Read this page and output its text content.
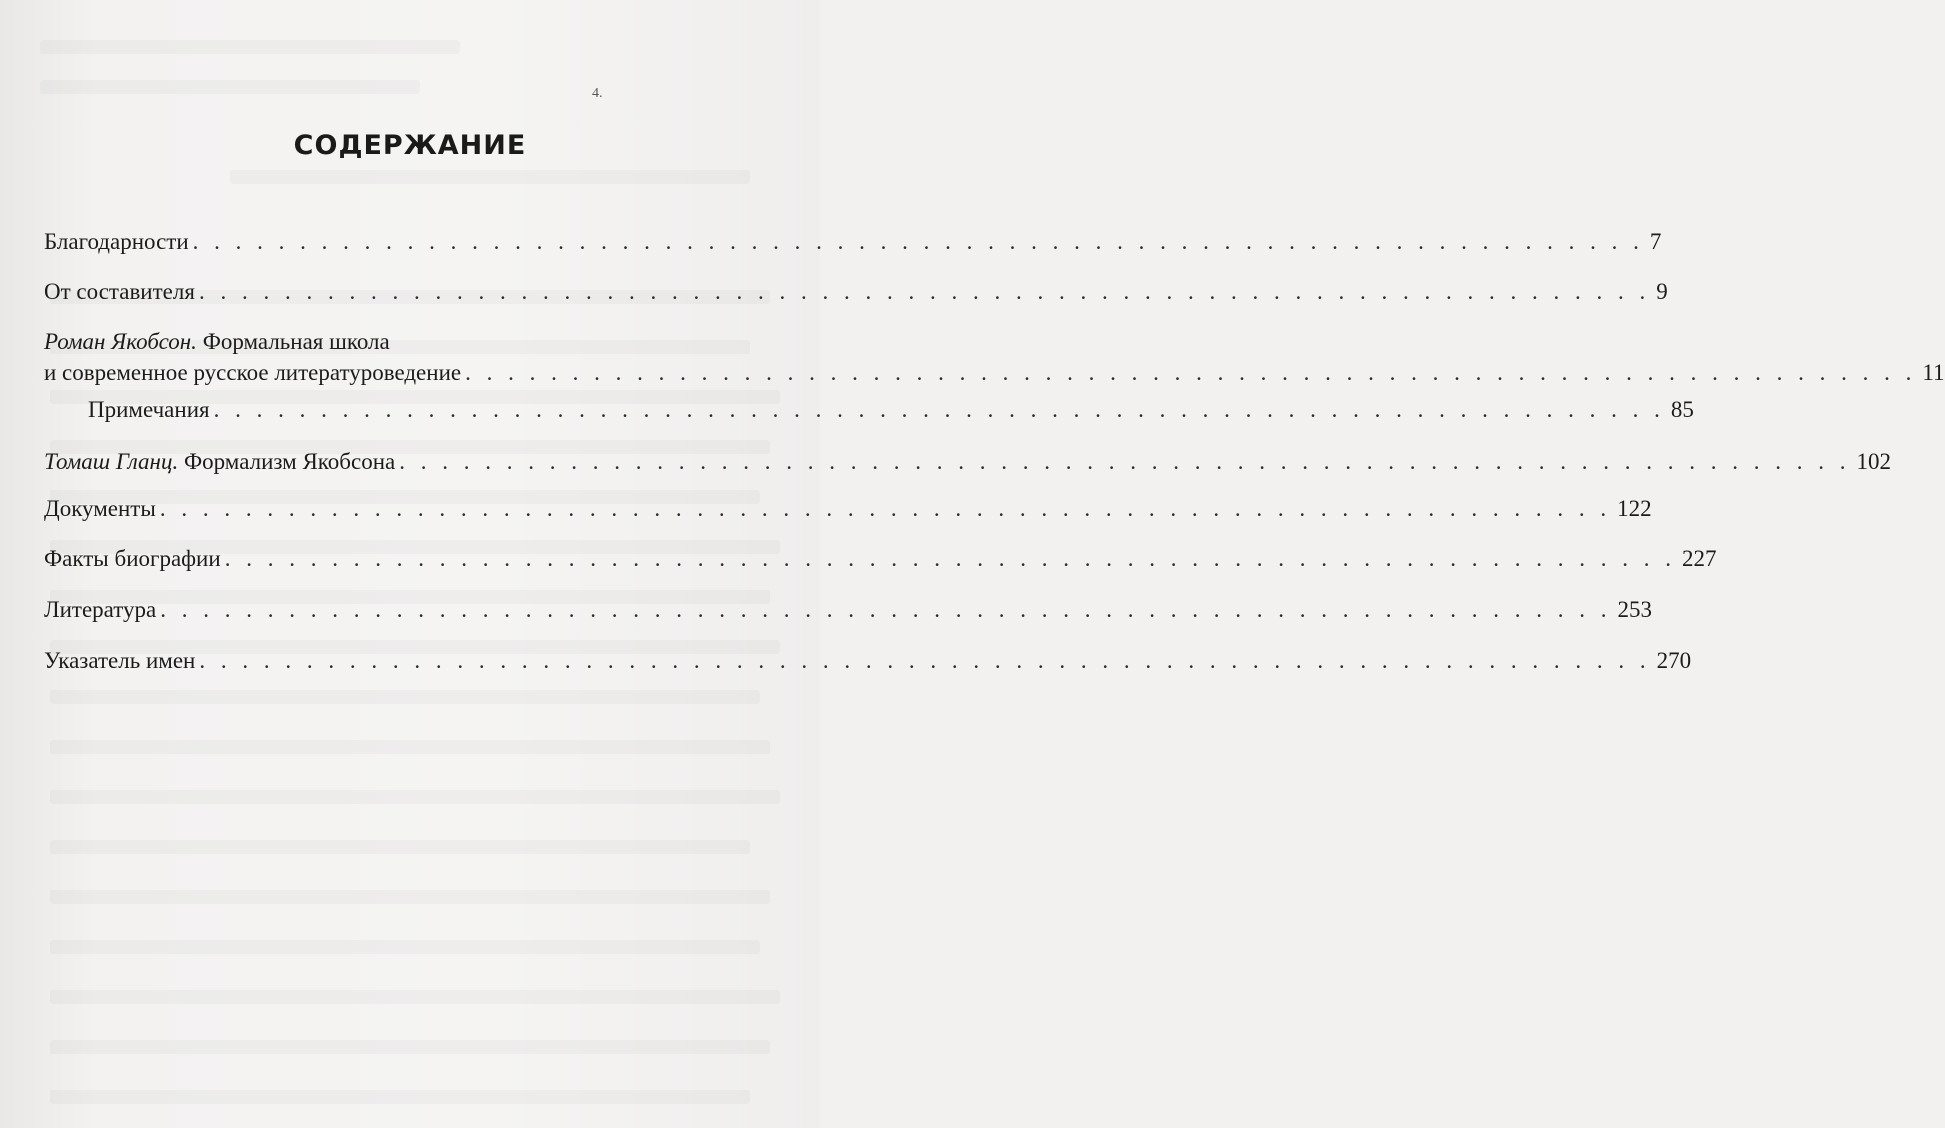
4.
СОДЕРЖАНИЕ
Благодарности . . . . . . . . . . . . . . . . . . . . . . . . . . . . . . . . . . . . . . . . . . . . . . . . . . . . . . . . . . . . . . . . . . . . 7
От составителя . . . . . . . . . . . . . . . . . . . . . . . . . . . . . . . . . . . . . . . . . . . . . . . . . . . . . . . . . . . . . . . . . . . . 9
Роман Якобсон. Формальная школа
и современное русское литературоведение . . . . . . . . . . . . . . . . . . . . . . . . . . . . . . . . . . . . . . . . . . . . . . . . . . . . . . . . . . . . . . . . . . . . 11
Примечания . . . . . . . . . . . . . . . . . . . . . . . . . . . . . . . . . . . . . . . . . . . . . . . . . . . . . . . . . . . . . . . . . . . . 85
Томаш Гланц. Формализм Якобсона . . . . . . . . . . . . . . . . . . . . . . . . . . . . . . . . . . . . . . . . . . . . . . . . . . . . . . . . . . . . . . . . . . . . 102
Документы . . . . . . . . . . . . . . . . . . . . . . . . . . . . . . . . . . . . . . . . . . . . . . . . . . . . . . . . . . . . . . . . . . . . 122
Факты биографии . . . . . . . . . . . . . . . . . . . . . . . . . . . . . . . . . . . . . . . . . . . . . . . . . . . . . . . . . . . . . . . . . . . . 227
Литература . . . . . . . . . . . . . . . . . . . . . . . . . . . . . . . . . . . . . . . . . . . . . . . . . . . . . . . . . . . . . . . . . . . . 253
Указатель имен . . . . . . . . . . . . . . . . . . . . . . . . . . . . . . . . . . . . . . . . . . . . . . . . . . . . . . . . . . . . . . . . . . . . 270
